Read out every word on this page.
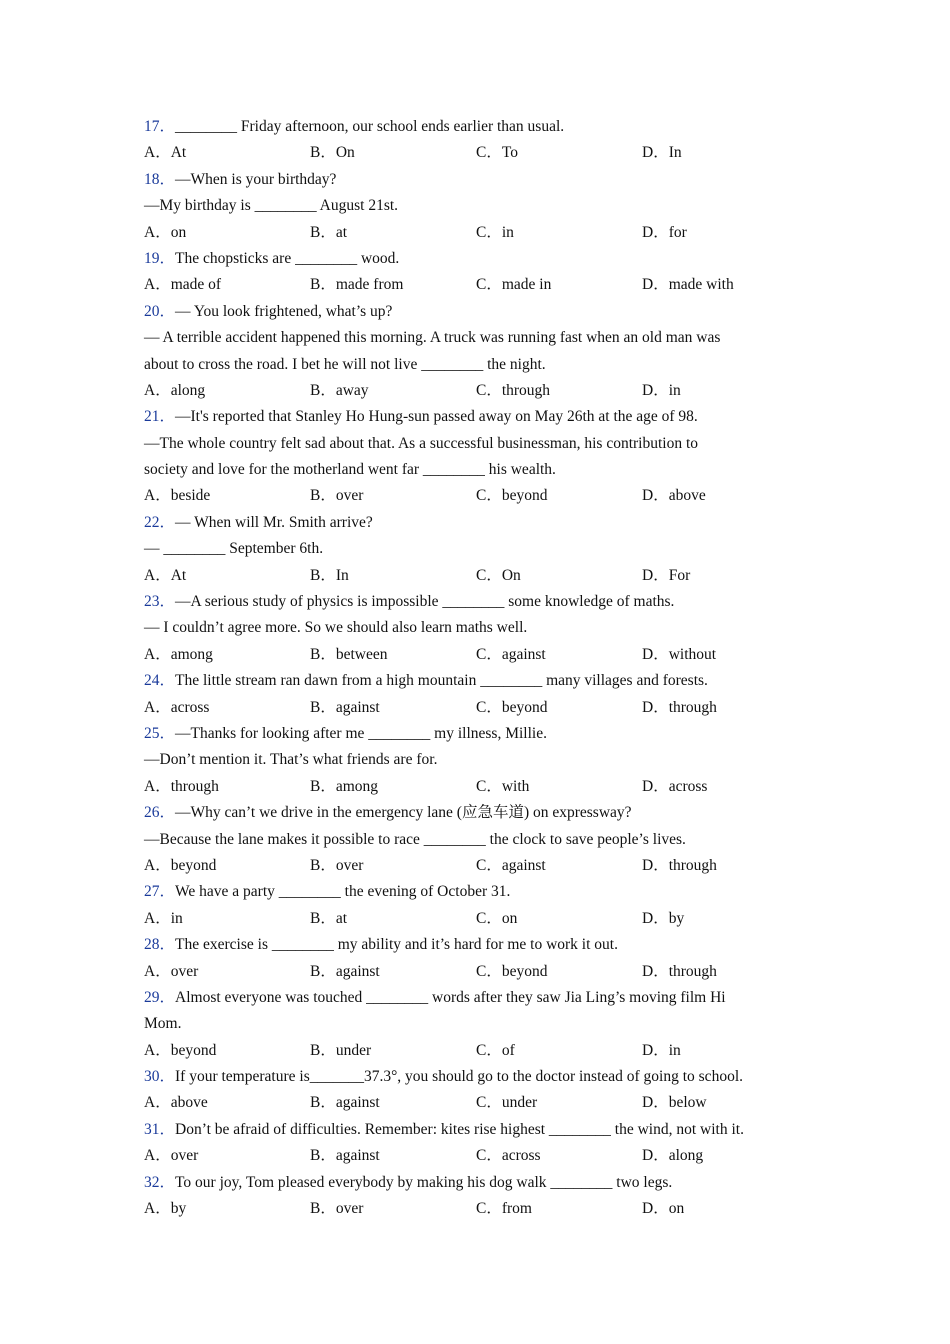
17．________ Friday afternoon, our school ends earlier than usual.
A．At	B．On	C．To	D．In
18．—When is your birthday?
—My birthday is ________ August 21st.
A．on	B．at	C．in	D．for
19．The chopsticks are ________ wood.
A．made of	B．made from	C．made in	D．made with
20．— You look frightened, what’s up?
— A terrible accident happened this morning. A truck was running fast when an old man was
about to cross the road. I bet he will not live ________ the night.
A．along	B．away	C．through	D．in
21．—It's reported that Stanley Ho Hung-sun passed away on May 26th at the age of 98.
—The whole country felt sad about that. As a successful businessman, his contribution to
society and love for the motherland went far ________ his wealth.
A．beside	B．over	C．beyond	D．above
22．— When will Mr. Smith arrive?
— ________ September 6th.
A．At	B．In	C．On	D．For
23．—A serious study of physics is impossible ________ some knowledge of maths.
— I couldn’t agree more. So we should also learn maths well.
A．among	B．between	C．against	D．without
24．The little stream ran dawn from a high mountain ________ many villages and forests.
A．across	B．against	C．beyond	D．through
25．—Thanks for looking after me ________ my illness, Millie.
—Don’t mention it. That’s what friends are for.
A．through	B．among	C．with	D．across
26．—Why can’t we drive in the emergency lane (应急车道) on expressway?
—Because the lane makes it possible to race ________ the clock to save people’s lives.
A．beyond	B．over	C．against	D．through
27．We have a party ________ the evening of October 31.
A．in	B．at	C．on	D．by
28．The exercise is ________ my ability and it’s hard for me to work it out.
A．over	B．against	C．beyond	D．through
29．Almost everyone was touched ________ words after they saw Jia Ling’s moving film Hi
Mom.
A．beyond	B．under	C．of	D．in
30．If your temperature is_______37.3°, you should go to the doctor instead of going to school.
A．above	B．against	C．under	D．below
31．Don’t be afraid of difficulties. Remember: kites rise highest ________ the wind, not with it.
A．over	B．against	C．across	D．along
32．To our joy, Tom pleased everybody by making his dog walk ________ two legs.
A．by	B．over	C．from	D．on
